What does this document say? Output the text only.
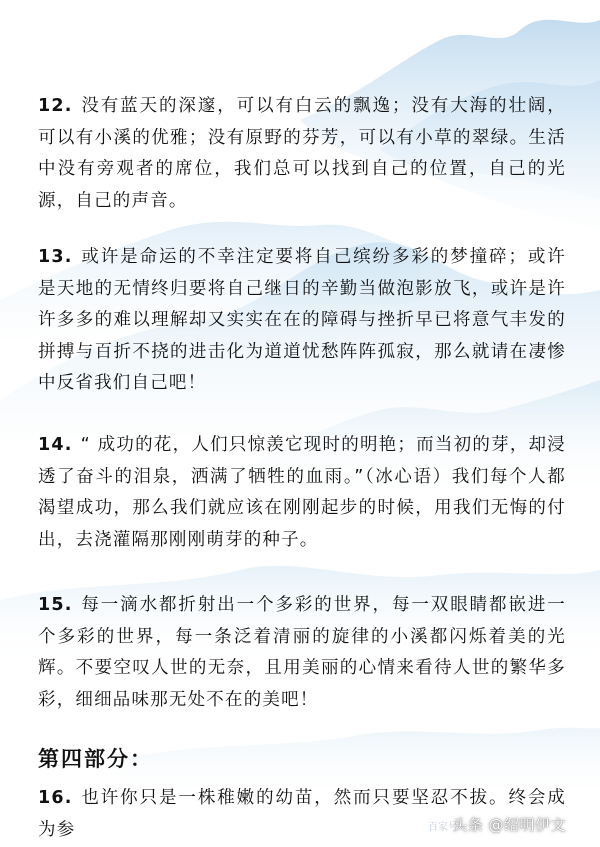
12. 没有蓝天的深邃，可以有白云的飘逸；没有大海的壮阔，可以有小溪的优雅；没有原野的芬芳，可以有小草的翠绿。生活中没有旁观者的席位，我们总可以找到自己的位置，自己的光源，自己的声音。

13. 或许是命运的不幸注定要将自己缤纷多彩的梦撞碎；或许是天地的无情终归要将自己继日的辛勤当做泡影放飞，或许是许许多多的难以理解却又实实在在的障碍与挫折早已将意气丰发的拼搏与百折不挠的进击化为道道忧愁阵阵孤寂，那么就请在凄惨中反省我们自己吧！

14. “ 成功的花，人们只惊羡它现时的明艳；而当初的芽，却浸透了奋斗的泪泉，洒满了牺牲的血雨。”（冰心语）我们每个人都渴望成功，那么我们就应该在刚刚起步的时候，用我们无悔的付出，去浇灌隔那刚刚萌芽的种子。

15. 每一滴水都折射出一个多彩的世界，每一双眼睛都嵌进一个多彩的世界，每一条泛着清丽的旋律的小溪都闪烁着美的光辉。不要空叹人世的无奈，且用美丽的心情来看待人世的繁华多彩，细细品味那无处不在的美吧！

第四部分：

16. 也许你只是一株稚嫩的幼苗，然而只要坚忍不拔。终会成为参	百家号
头条 @绍明伊文
